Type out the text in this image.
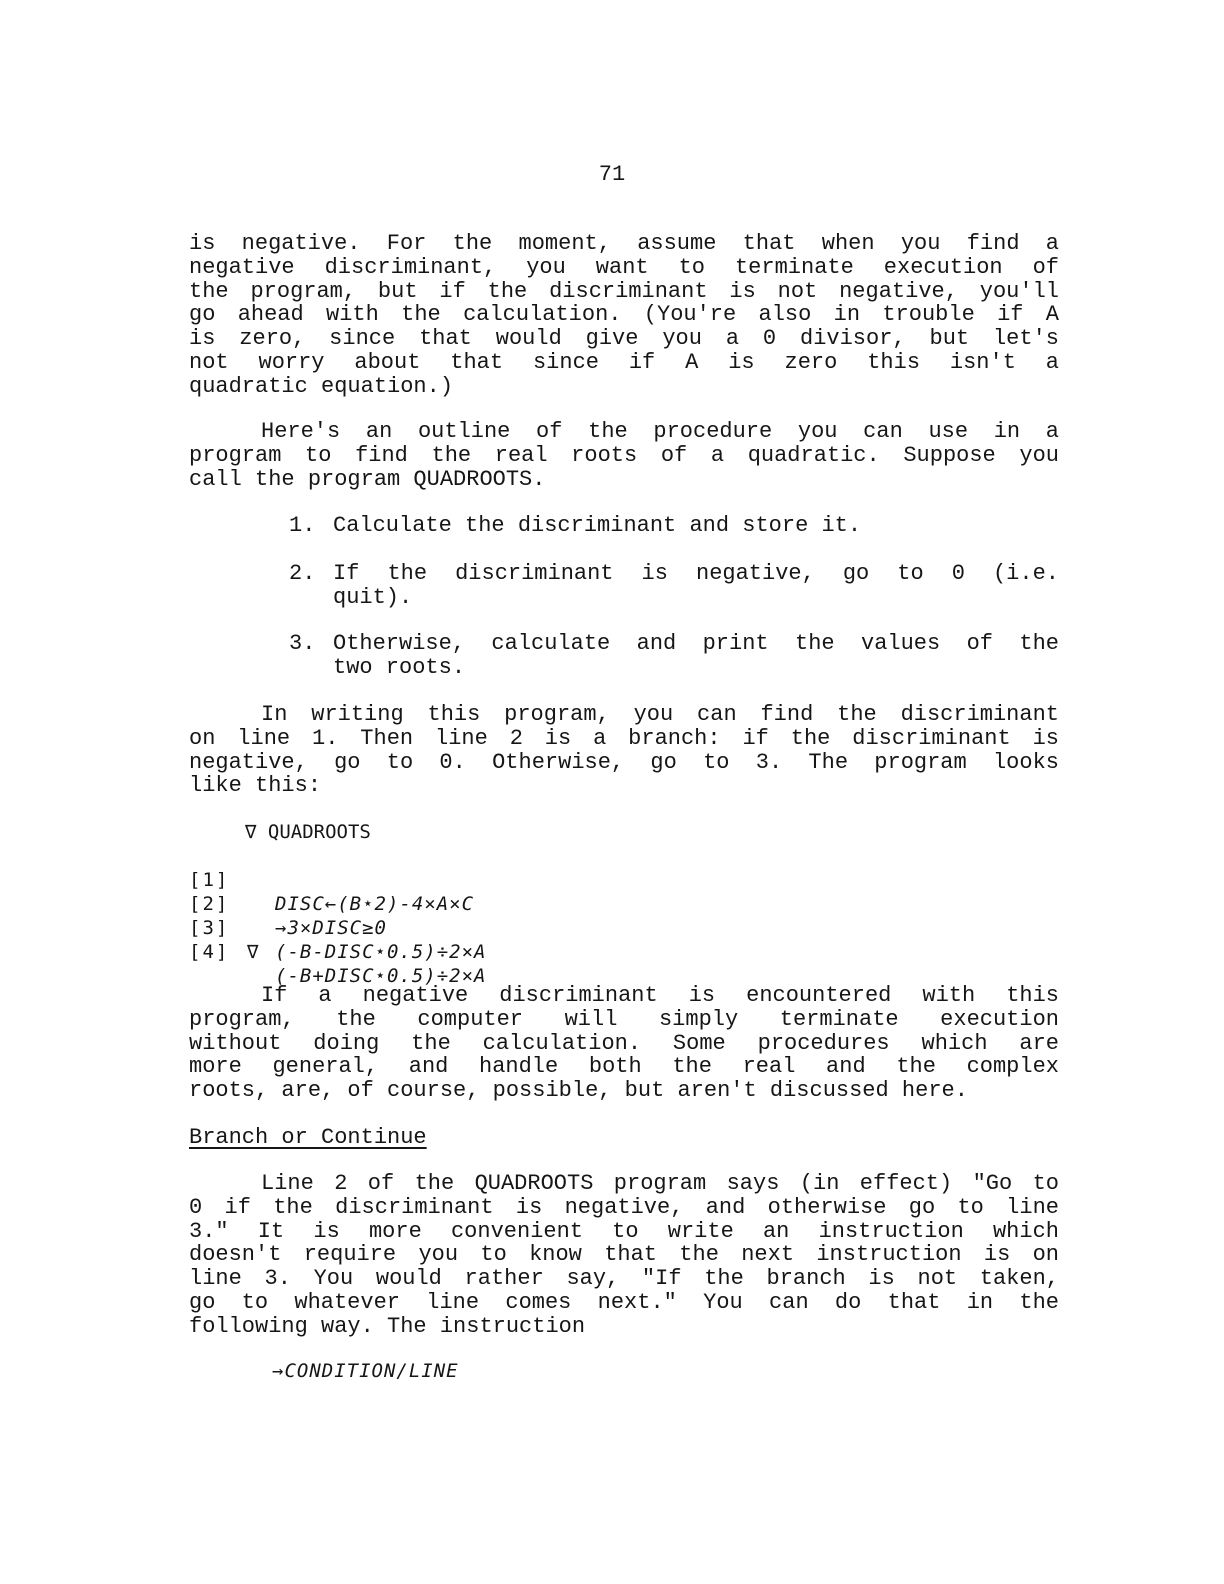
71
is negative. For the moment, assume that when you find a
negative discriminant, you want to terminate execution of
the program, but if the discriminant is not negative, you'll
go ahead with the calculation. (You're also in trouble if A
is zero, since that would give you a 0 divisor, but let's
not worry about that since if A is zero this isn't a
quadratic equation.)
Here's an outline of the procedure you can use in a
program to find the real roots of a quadratic. Suppose you
call the program QUADROOTS.
1. Calculate the discriminant and store it.
2. If the discriminant is negative, go to 0 (i.e.
quit).
3. Otherwise, calculate and print the values of the
two roots.
In writing this program, you can find the discriminant
on line 1. Then line 2 is a branch: if the discriminant is
negative, go to 0. Otherwise, go to 3. The program looks
like this:
∇ QUADROOTS

[1]

DISC←(B⋆2)-4×A×C

[2]

→3×DISC≥0

[3]

(-B-DISC⋆0.5)÷2×A

[4]

(-B+DISC⋆0.5)÷2×A

∇
If a negative discriminant is encountered with this
program, the computer will simply terminate execution
without doing the calculation. Some procedures which are
more general, and handle both the real and the complex
roots, are, of course, possible, but aren't discussed here.
Branch or Continue
Line 2 of the QUADROOTS program says (in effect) "Go to
0 if the discriminant is negative, and otherwise go to line
3." It is more convenient to write an instruction which
doesn't require you to know that the next instruction is on
line 3. You would rather say, "If the branch is not taken,
go to whatever line comes next." You can do that in the
following way. The instruction
→CONDITION/LINE
